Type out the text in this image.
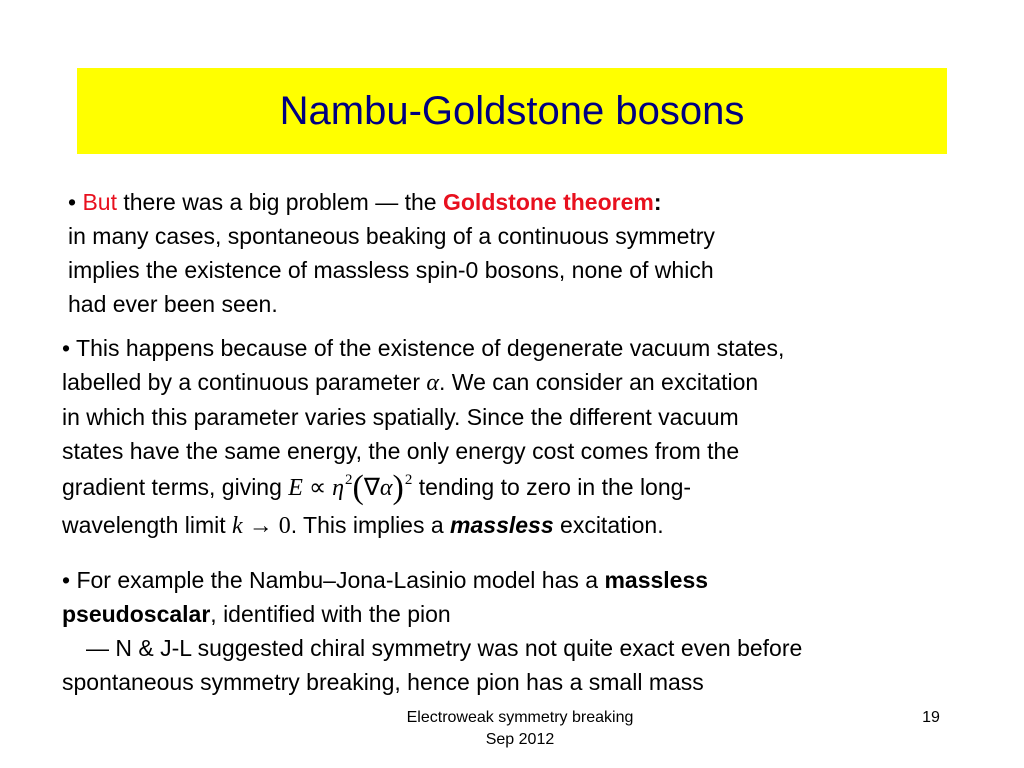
Nambu-Goldstone bosons

• But there was a big problem — the Goldstone theorem:
in many cases, spontaneous beaking of a continuous symmetry
implies the existence of massless spin-0 bosons, none of which
had ever been seen.

• This happens because of the existence of degenerate vacuum states,
labelled by a continuous parameter α. We can consider an excitation
in which this parameter varies spatially. Since the different vacuum
states have the same energy, the only energy cost comes from the
gradient terms, giving $E \propto \eta^2(\nabla\alpha)^2$ tending to zero in the long-
wavelength limit k → 0. This implies a massless excitation.

• For example the Nambu–Jona-Lasinio model has a massless
pseudoscalar, identified with the pion
— N & J-L suggested chiral symmetry was not quite exact even before
spontaneous symmetry breaking, hence pion has a small mass

Electroweak symmetry breaking
Sep 2012
19
